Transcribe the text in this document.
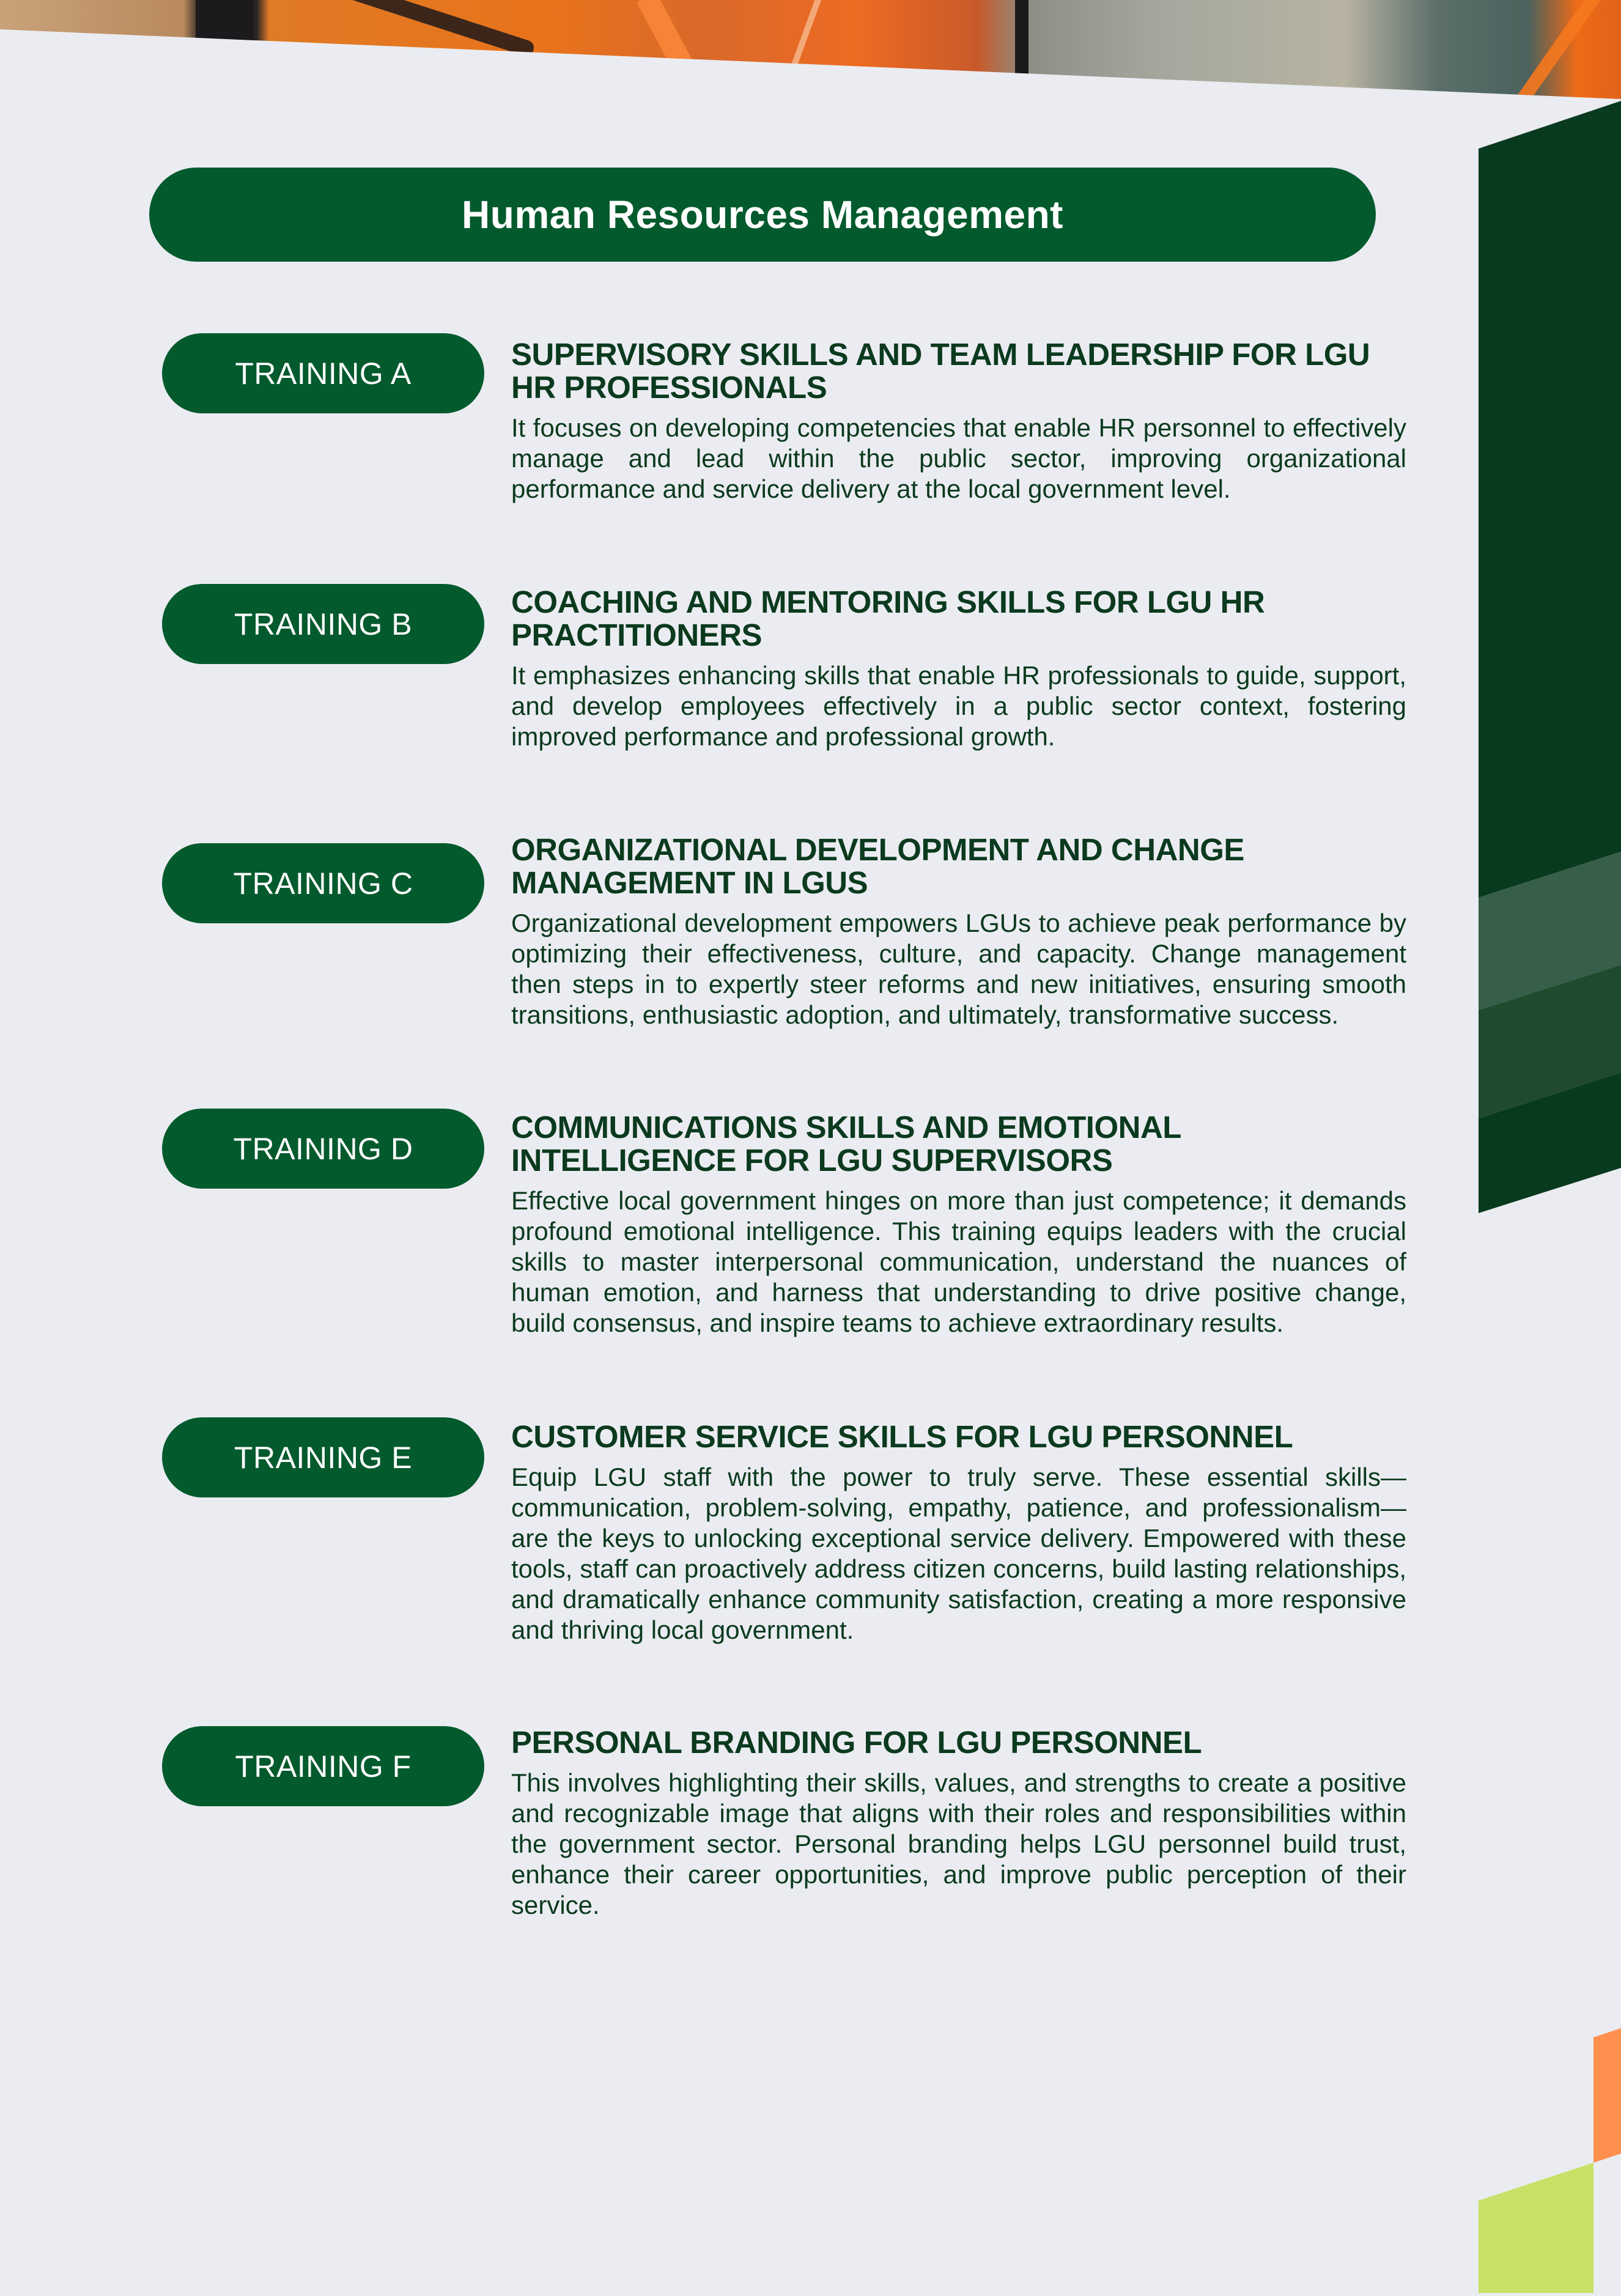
Human Resources Management
TRAINING A
SUPERVISORY SKILLS AND TEAM LEADERSHIP FOR LGU HR PROFESSIONALS

It focuses on developing competencies that enable HR personnel to effectively manage and lead within the public sector, improving organizational performance and service delivery at the local government level.

TRAINING B
COACHING AND MENTORING SKILLS FOR LGU HR PRACTITIONERS

It emphasizes enhancing skills that enable HR professionals to guide, support, and develop employees effectively in a public sector context, fostering improved performance and professional growth.

TRAINING C
ORGANIZATIONAL DEVELOPMENT AND CHANGE MANAGEMENT IN LGUS

Organizational development empowers LGUs to achieve peak performance by optimizing their effectiveness, culture, and capacity. Change management then steps in to expertly steer reforms and new initiatives, ensuring smooth transitions, enthusiastic adoption, and ultimately, transformative success.

TRAINING D
COMMUNICATIONS SKILLS AND EMOTIONAL INTELLIGENCE FOR LGU SUPERVISORS

Effective local government hinges on more than just competence; it demands profound emotional intelligence. This training equips leaders with the crucial skills to master interpersonal communication, understand the nuances of human emotion, and harness that understanding to drive positive change, build consensus, and inspire teams to achieve extraordinary results.

TRAINING E
CUSTOMER SERVICE SKILLS FOR LGU PERSONNEL

Equip LGU staff with the power to truly serve. These essential skills—communication, problem-solving, empathy, patience, and professionalism—are the keys to unlocking exceptional service delivery. Empowered with these tools, staff can proactively address citizen concerns, build lasting relationships, and dramatically enhance community satisfaction, creating a more responsive and thriving local government.

TRAINING F
PERSONAL BRANDING FOR LGU PERSONNEL

This involves highlighting their skills, values, and strengths to create a positive and recognizable image that aligns with their roles and responsibilities within the government sector. Personal branding helps LGU personnel build trust, enhance their career opportunities, and improve public perception of their service.
